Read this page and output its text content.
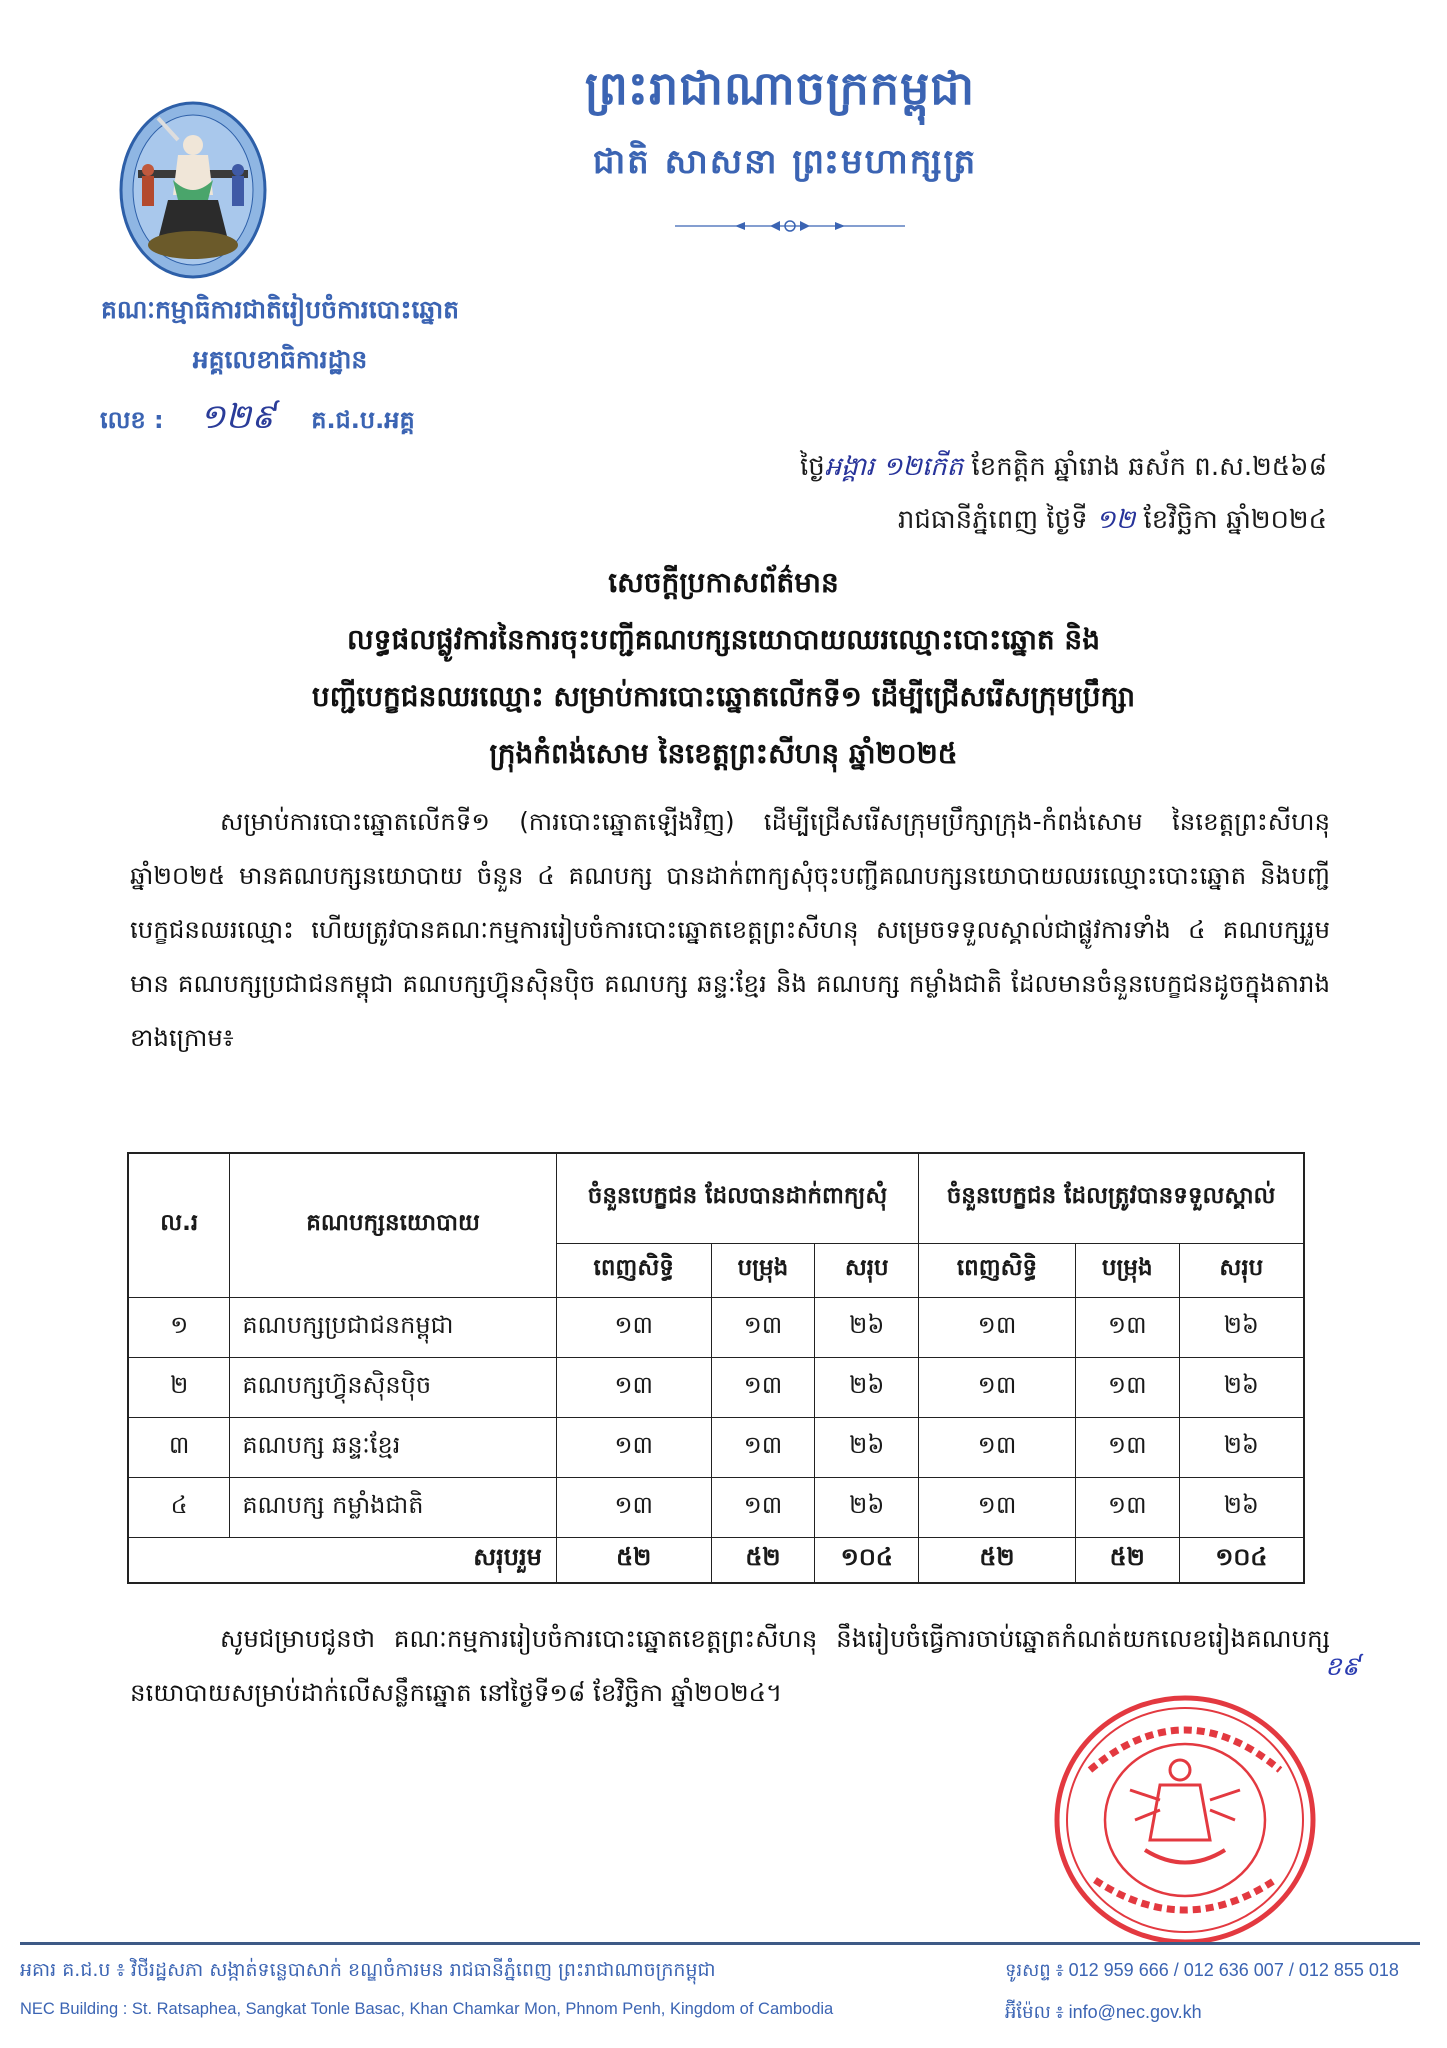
ព្រះរាជាណាចក្រកម្ពុជា
ជាតិ សាសនា ព្រះមហាក្សត្រ
គណៈកម្មាធិការជាតិរៀបចំការបោះឆ្នោត
អគ្គលេខាធិការដ្ឋាន
លេខ : ១២៩ គ.ជ.ប.អគ្គ
ថ្ងៃអង្គារ ១២កើត ខែកត្តិក ឆ្នាំរោង ឆស័ក ព.ស.២៥៦៨
រាជធានីភ្នំពេញ ថ្ងៃទី ១២ ខែវិច្ឆិកា ឆ្នាំ២០២៤
សេចក្តីប្រកាសព័ត៌មាន
លទ្ធផលផ្លូវការនៃការចុះបញ្ជីគណបក្សនយោបាយឈរឈ្មោះបោះឆ្នោត និង
បញ្ជីបេក្ខជនឈរឈ្មោះ សម្រាប់ការបោះឆ្នោតលើកទី១ ដើម្បីជ្រើសរើសក្រុមប្រឹក្សា
ក្រុងកំពង់សោម នៃខេត្តព្រះសីហនុ ឆ្នាំ២០២៥
សម្រាប់ការបោះឆ្នោតលើកទី១ (ការបោះឆ្នោតឡើងវិញ) ដើម្បីជ្រើសរើសក្រុមប្រឹក្សាក្រុង-កំពង់សោម នៃខេត្តព្រះសីហនុ ឆ្នាំ២០២៥ មានគណបក្សនយោបាយ ចំនួន ៤ គណបក្ស បានដាក់ពាក្យសុំចុះបញ្ជីគណបក្សនយោបាយឈរឈ្មោះបោះឆ្នោត និងបញ្ជីបេក្ខជនឈរឈ្មោះ ហើយត្រូវបានគណៈកម្មការរៀបចំការបោះឆ្នោតខេត្តព្រះសីហនុ សម្រេចទទួលស្គាល់ជាផ្លូវការទាំង ៤ គណបក្សរួមមាន គណបក្សប្រជាជនកម្ពុជា គណបក្សហ៊្វុនស៊ិនប៉ិច គណបក្ស ឆន្ទៈខ្មែរ និង គណបក្ស កម្លាំងជាតិ ដែលមានចំនួនបេក្ខជនដូចក្នុងតារាងខាងក្រោម៖
ល.រ	គណបក្សនយោបាយ	ចំនួនបេក្ខជន ដែលបានដាក់ពាក្យសុំ			ចំនួនបេក្ខជន ដែលត្រូវបានទទួលស្គាល់		
		ពេញសិទ្ធិ	បម្រុង	សរុប	ពេញសិទ្ធិ	បម្រុង	សរុប
១	គណបក្សប្រជាជនកម្ពុជា	១៣	១៣	២៦	១៣	១៣	២៦
២	គណបក្សហ៊្វុនស៊ិនប៉ិច	១៣	១៣	២៦	១៣	១៣	២៦
៣	គណបក្ស ឆន្ទៈខ្មែរ	១៣	១៣	២៦	១៣	១៣	២៦
៤	គណបក្ស កម្លាំងជាតិ	១៣	១៣	២៦	១៣	១៣	២៦
សរុបរួម		៥២	៥២	១០៤	៥២	៥២	១០៤
សូមជម្រាបជូនថា គណៈកម្មការរៀបចំការបោះឆ្នោតខេត្តព្រះសីហនុ នឹងរៀបចំធ្វើការចាប់ឆ្នោតកំណត់យកលេខរៀងគណបក្សនយោបាយសម្រាប់ដាក់លើសន្លឹកឆ្នោត នៅថ្ងៃទី១៨ ខែវិច្ឆិកា ឆ្នាំ២០២៤។
ខ៩
អគារ គ.ជ.ប ៖ វិថីរដ្ឋសភា សង្កាត់ទន្លេបាសាក់ ខណ្ឌចំការមន រាជធានីភ្នំពេញ ព្រះរាជាណាចក្រកម្ពុជា
NEC Building : St. Ratsaphea, Sangkat Tonle Basac, Khan Chamkar Mon, Phnom Penh, Kingdom of Cambodia
ទូរសព្ទ ៖ 012 959 666 / 012 636 007 / 012 855 018
អ៊ីម៉ែល ៖ info@nec.gov.kh
